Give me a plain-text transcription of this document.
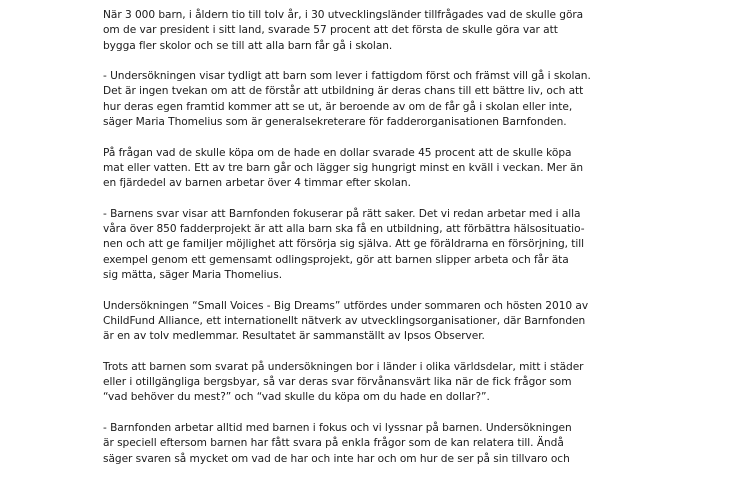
När 3 000 barn, i åldern tio till tolv år, i 30 utvecklingsländer tillfrågades vad de skulle göra
om de var president i sitt land, svarade 57 procent att det första de skulle göra var att
bygga fler skolor och se till att alla barn får gå i skolan.

- Undersökningen visar tydligt att barn som lever i fattigdom först och främst vill gå i skolan.
Det är ingen tvekan om att de förstår att utbildning är deras chans till ett bättre liv, och att
hur deras egen framtid kommer att se ut, är beroende av om de får gå i skolan eller inte,
säger Maria Thomelius som är generalsekreterare för fadderorganisationen Barnfonden.

På frågan vad de skulle köpa om de hade en dollar svarade 45 procent att de skulle köpa
mat eller vatten. Ett av tre barn går och lägger sig hungrigt minst en kväll i veckan. Mer än
en fjärdedel av barnen arbetar över 4 timmar efter skolan.

- Barnens svar visar att Barnfonden fokuserar på rätt saker. Det vi redan arbetar med i alla
våra över 850 fadderprojekt är att alla barn ska få en utbildning, att förbättra hälsosituatio-
nen och att ge familjer möjlighet att försörja sig själva. Att ge föräldrarna en försörjning, till
exempel genom ett gemensamt odlingsprojekt, gör att barnen slipper arbeta och får äta
sig mätta, säger Maria Thomelius.

Undersökningen “Small Voices - Big Dreams” utfördes under sommaren och hösten 2010 av
ChildFund Alliance, ett internationellt nätverk av utvecklingsorganisationer, där Barnfonden
är en av tolv medlemmar. Resultatet är sammanställt av Ipsos Observer.

Trots att barnen som svarat på undersökningen bor i länder i olika världsdelar, mitt i städer
eller i otillgängliga bergsbyar, så var deras svar förvånansvärt lika när de fick frågor som
“vad behöver du mest?” och “vad skulle du köpa om du hade en dollar?”.

- Barnfonden arbetar alltid med barnen i fokus och vi lyssnar på barnen. Undersökningen
är speciell eftersom barnen har fått svara på enkla frågor som de kan relatera till. Ändå
säger svaren så mycket om vad de har och inte har och om hur de ser på sin tillvaro och
